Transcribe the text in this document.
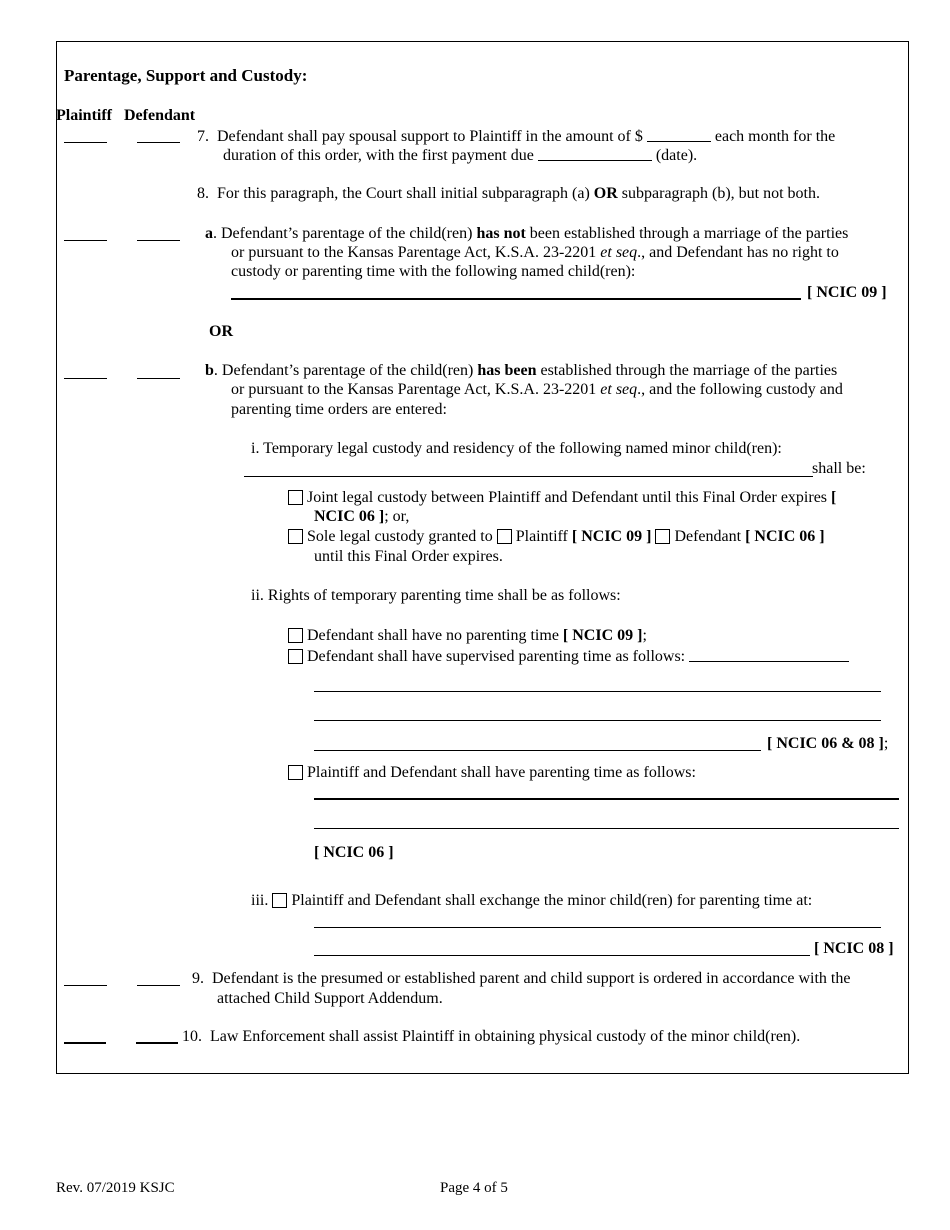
Parentage, Support and Custody:
Plaintiff Defendant
7. Defendant shall pay spousal support to Plaintiff in the amount of $	each month for the
duration of this order, with the first payment due	(date).
8. For this paragraph, the Court shall initial subparagraph (a) OR subparagraph (b), but not both.
a. Defendant’s parentage of the child(ren) has not been established through a marriage of the parties
or pursuant to the Kansas Parentage Act, K.S.A. 23-2201 et seq., and Defendant has no right to
custody or parenting time with the following named child(ren):
[ NCIC 09 ]
OR
b. Defendant’s parentage of the child(ren) has been established through the marriage of the parties
or pursuant to the Kansas Parentage Act, K.S.A. 23-2201 et seq., and the following custody and
parenting time orders are entered:
i. Temporary legal custody and residency of the following named minor child(ren):
shall be:
Joint legal custody between Plaintiff and Defendant until this Final Order expires [
NCIC 06 ]; or,
Sole legal custody granted to Plaintiff [ NCIC 09 ] Defendant [ NCIC 06 ]
until this Final Order expires.
ii. Rights of temporary parenting time shall be as follows:
Defendant shall have no parenting time [ NCIC 09 ];
Defendant shall have supervised parenting time as follows:
[ NCIC 06 & 08 ];
Plaintiff and Defendant shall have parenting time as follows:
[ NCIC 06 ]
iii. Plaintiff and Defendant shall exchange the minor child(ren) for parenting time at:
[ NCIC 08 ]
9. Defendant is the presumed or established parent and child support is ordered in accordance with the
attached Child Support Addendum.
10. Law Enforcement shall assist Plaintiff in obtaining physical custody of the minor child(ren).
Rev. 07/2019 KSJC	Page 4 of 5
